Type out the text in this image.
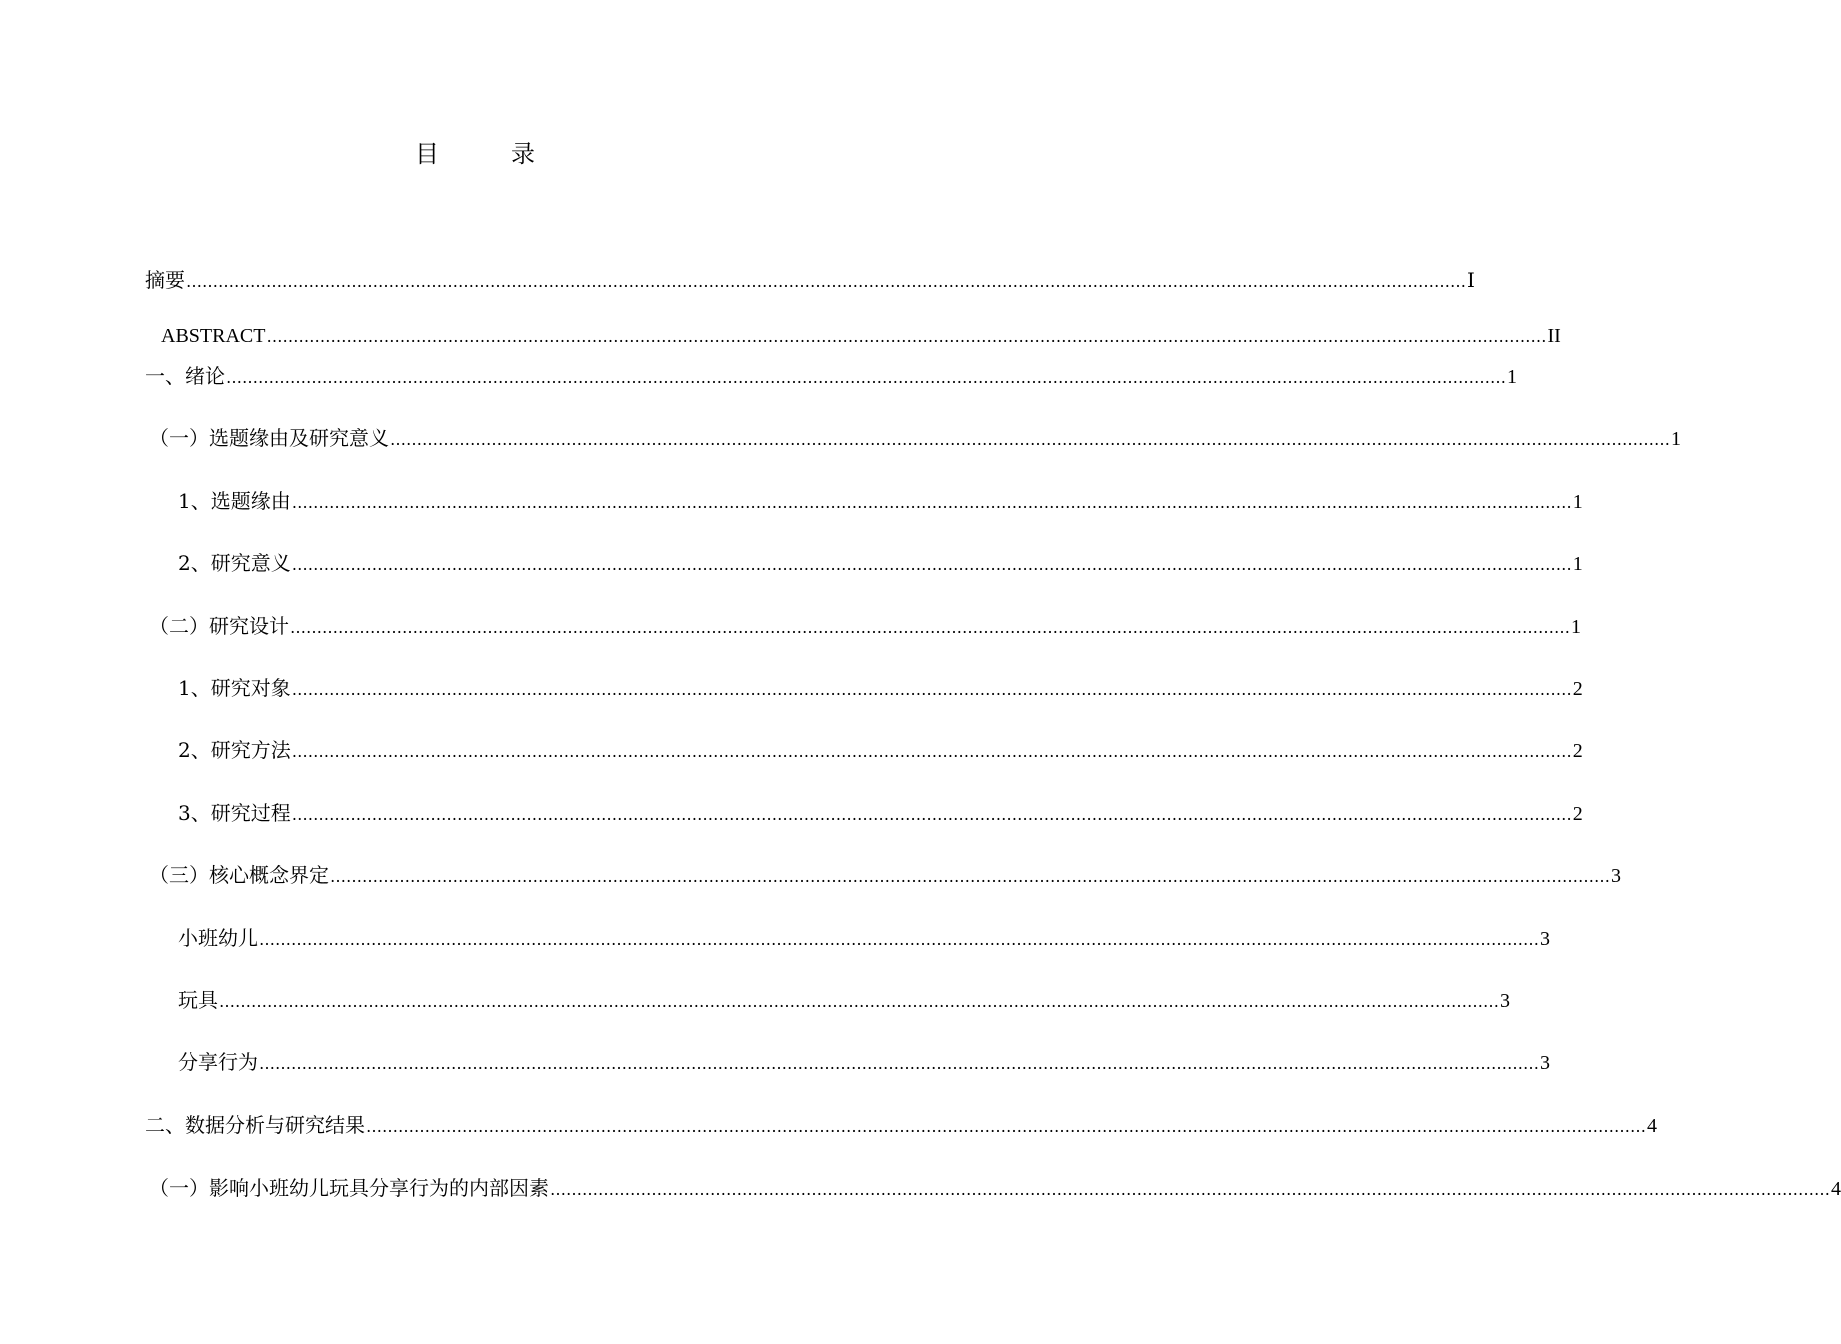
目　录
摘要 …………………………………………………………………………………………………………………………………………………………………………………………………………………… Ⅰ
ABSTRACT …………………………………………………………………………………………………………………………………………………………………………………………………………………… II
一、绪论 …………………………………………………………………………………………………………………………………………………………………………………………………………………… 1
（一）选题缘由及研究意义 …………………………………………………………………………………………………………………………………………………………………………………………………………………… 1
1、选题缘由 …………………………………………………………………………………………………………………………………………………………………………………………………………………… 1
2、研究意义 …………………………………………………………………………………………………………………………………………………………………………………………………………………… 1
（二）研究设计 …………………………………………………………………………………………………………………………………………………………………………………………………………………… 1
1、研究对象 …………………………………………………………………………………………………………………………………………………………………………………………………………………… 2
2、研究方法 …………………………………………………………………………………………………………………………………………………………………………………………………………………… 2
3、研究过程 …………………………………………………………………………………………………………………………………………………………………………………………………………………… 2
（三）核心概念界定 …………………………………………………………………………………………………………………………………………………………………………………………………………………… 3
小班幼儿 …………………………………………………………………………………………………………………………………………………………………………………………………………………… 3
玩具 …………………………………………………………………………………………………………………………………………………………………………………………………………………… 3
分享行为 …………………………………………………………………………………………………………………………………………………………………………………………………………………… 3
二、数据分析与研究结果 …………………………………………………………………………………………………………………………………………………………………………………………………………………… 4
（一）影响小班幼儿玩具分享行为的内部因素 …………………………………………………………………………………………………………………………………………………………………………………………………………………… 4
